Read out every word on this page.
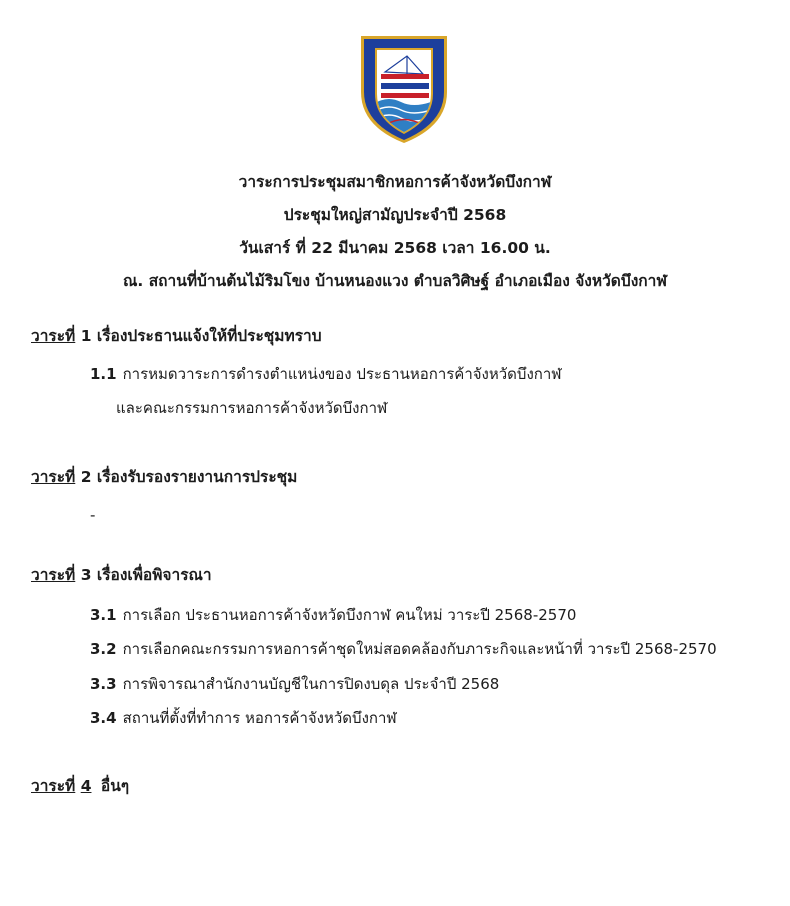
วาระการประชุมสมาชิกหอการค้าจังหวัดบึงกาฬ
ประชุมใหญ่สามัญประจำปี 2568
วันเสาร์ ที่ 22 มีนาคม 2568 เวลา 16.00 น.
ณ. สถานที่บ้านต้นไม้ริมโขง บ้านหนองแวง ตำบลวิศิษฐ์ อำเภอเมือง จังหวัดบึงกาฬ
วาระที่ 1 เรื่องประธานแจ้งให้ที่ประชุมทราบ
1.1 การหมดวาระการดำรงตำแหน่งของ ประธานหอการค้าจังหวัดบึงกาฬ
และคณะกรรมการหอการค้าจังหวัดบึงกาฬ
วาระที่ 2 เรื่องรับรองรายงานการประชุม
-
วาระที่ 3 เรื่องเพื่อพิจารณา
3.1 การเลือก ประธานหอการค้าจังหวัดบึงกาฬ คนใหม่ วาระปี 2568-2570
3.2 การเลือกคณะกรรมการหอการค้าชุดใหม่สอดคล้องกับภาระกิจและหน้าที่ วาระปี 2568-2570
3.3 การพิจารณาสำนักงานบัญชีในการปิดงบดุล ประจำปี 2568
3.4 สถานที่ตั้งที่ทำการ หอการค้าจังหวัดบึงกาฬ
วาระที่ 4 อื่นๆ
